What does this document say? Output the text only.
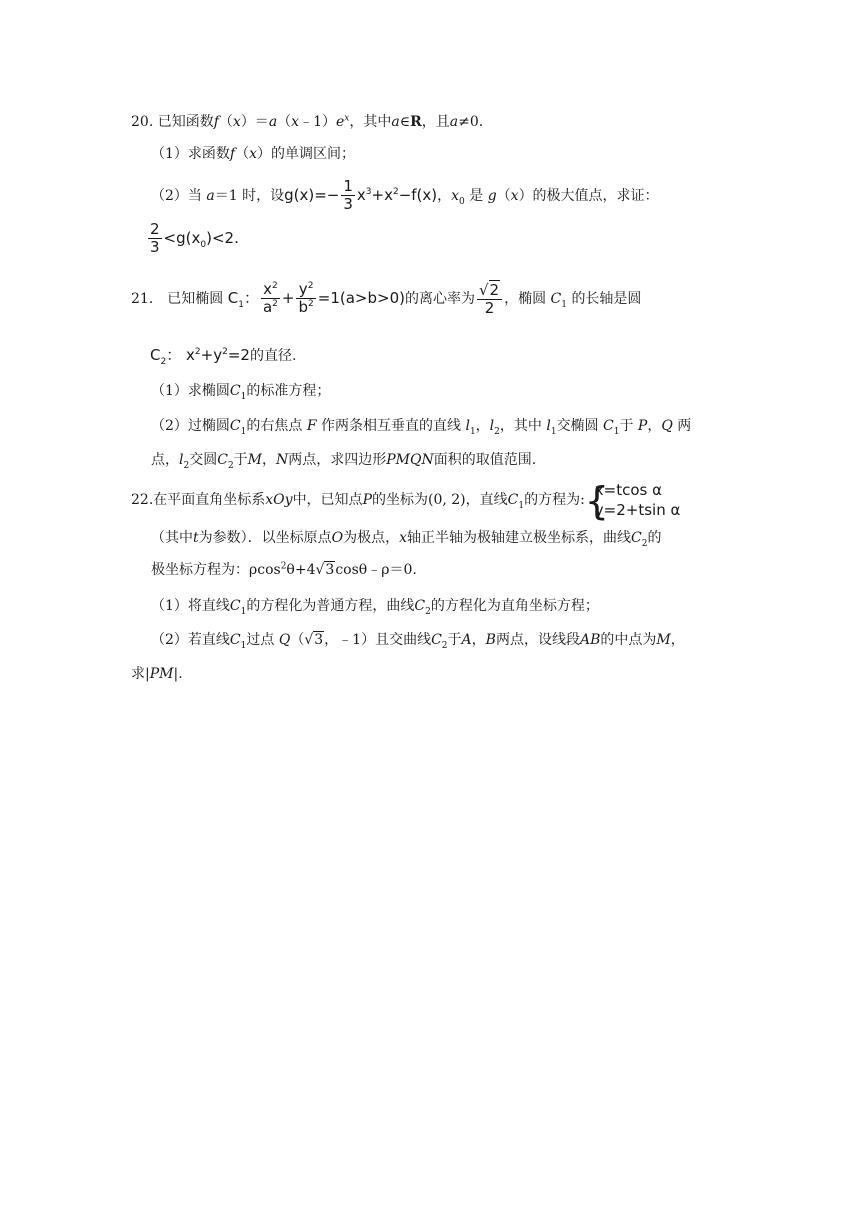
20. 已知函数$f(x)=a(x﹣1)e^x$，其中a∈R，且a≠0.
（1）求函数f（x）的单调区间；
（2）当 a＝1 时，设$g(x)=- \frac{1}{3} x^3+x^2-f(x)$，$x_0$ 是 g（x）的极大值点，求证：
$\frac{2}{3} <g(x_0)<2$.
21． 已知椭圆 $C_1$： $\frac{x^2}{a^2} + \frac{y^2}{b^2} =1(a>b>0)$的离心率为 $\frac{√2}{2}$ ，椭圆 $C_1$ 的长轴是圆
$C_2$： $x^2+y^2=2$的直径.
（1）求椭圆$C_1$的标准方程；
（2）过椭圆$C_1$的右焦点 F 作两条相互垂直的直线 $l_1$，$l_2$，其中 $l_1$交椭圆 $C_1$于 P，Q 两
点，$l_2$交圆$C_2$于M，N两点，求四边形PMQN面积的取值范围.
22.在平面直角坐标系xOy中，已知点P的坐标为(0, 2)，直线$C_1$的方程为: {
x=tcos α
y=2+tsin α
（其中t为参数）．以坐标原点O为极点，x轴正半轴为极轴建立极坐标系，曲线$C_2$的
极坐标方程为：ρcos$^2$θ+4√3cosθ﹣ρ＝0.
（1）将直线$C_1$的方程化为普通方程，曲线$C_2$的方程化为直角坐标方程；
（2）若直线$C_1$过点 Q（√3，﹣1）且交曲线$C_2$于A，B两点，设线段AB的中点为M，
求|PM|.
